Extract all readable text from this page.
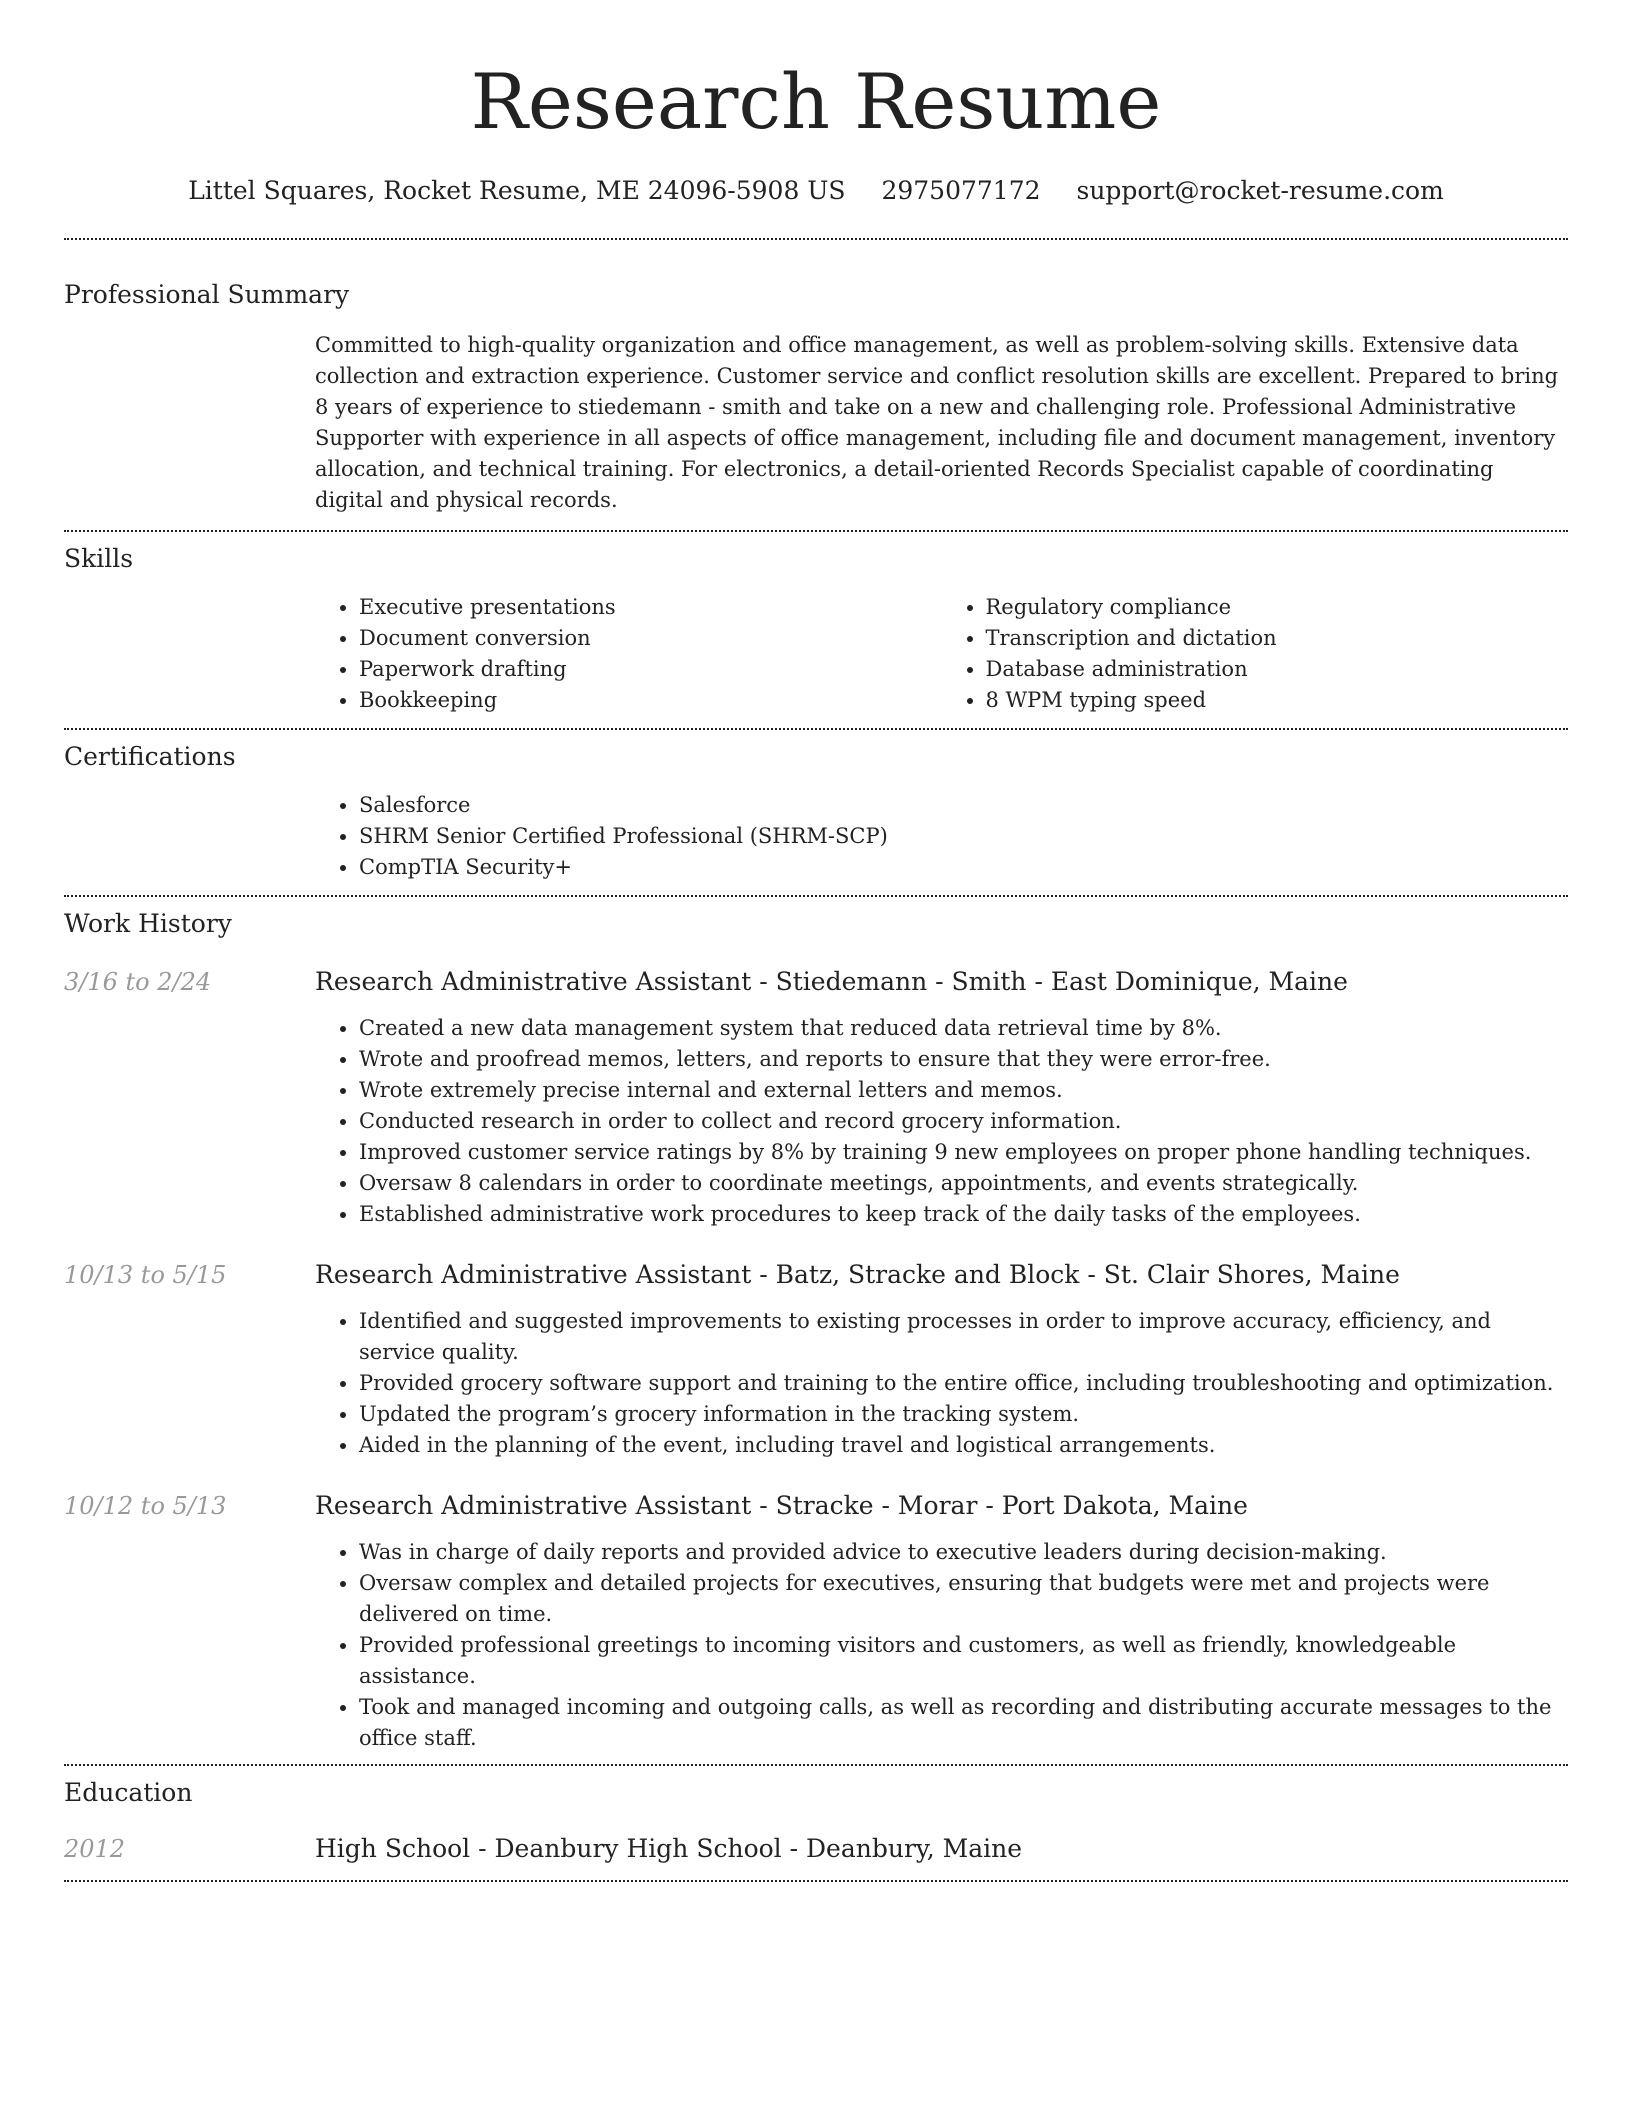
Research Resume
Littel Squares, Rocket Resume, ME 24096-5908 US 2975077172 support@rocket-resume.com
Professional Summary

Committed to high-quality organization and office management, as well as problem-solving skills. Extensive data collection and extraction experience. Customer service and conflict resolution skills are excellent. Prepared to bring 8 years of experience to stiedemann - smith and take on a new and challenging role. Professional Administrative Supporter with experience in all aspects of office management, including file and document management, inventory allocation, and technical training. For electronics, a detail-oriented Records Specialist capable of coordinating digital and physical records.

Skills
• Executive presentations
• Document conversion
• Paperwork drafting
• Bookkeeping
• Regulatory compliance
• Transcription and dictation
• Database administration
• 8 WPM typing speed
Certifications
• Salesforce
• SHRM Senior Certified Professional (SHRM-SCP)
• CompTIA Security+
Work History
3/16 to 2/24	Research Administrative Assistant - Stiedemann - Smith - East Dominique, Maine
• Created a new data management system that reduced data retrieval time by 8%.
• Wrote and proofread memos, letters, and reports to ensure that they were error-free.
• Wrote extremely precise internal and external letters and memos.
• Conducted research in order to collect and record grocery information.
• Improved customer service ratings by 8% by training 9 new employees on proper phone handling techniques.
• Oversaw 8 calendars in order to coordinate meetings, appointments, and events strategically.
• Established administrative work procedures to keep track of the daily tasks of the employees.
10/13 to 5/15	Research Administrative Assistant - Batz, Stracke and Block - St. Clair Shores, Maine
• Identified and suggested improvements to existing processes in order to improve accuracy, efficiency, and service quality.
• Provided grocery software support and training to the entire office, including troubleshooting and optimization.
• Updated the program’s grocery information in the tracking system.
• Aided in the planning of the event, including travel and logistical arrangements.
10/12 to 5/13	Research Administrative Assistant - Stracke - Morar - Port Dakota, Maine
• Was in charge of daily reports and provided advice to executive leaders during decision-making.
• Oversaw complex and detailed projects for executives, ensuring that budgets were met and projects were delivered on time.
• Provided professional greetings to incoming visitors and customers, as well as friendly, knowledgeable assistance.
• Took and managed incoming and outgoing calls, as well as recording and distributing accurate messages to the office staff.
Education
2012	High School - Deanbury High School - Deanbury, Maine
